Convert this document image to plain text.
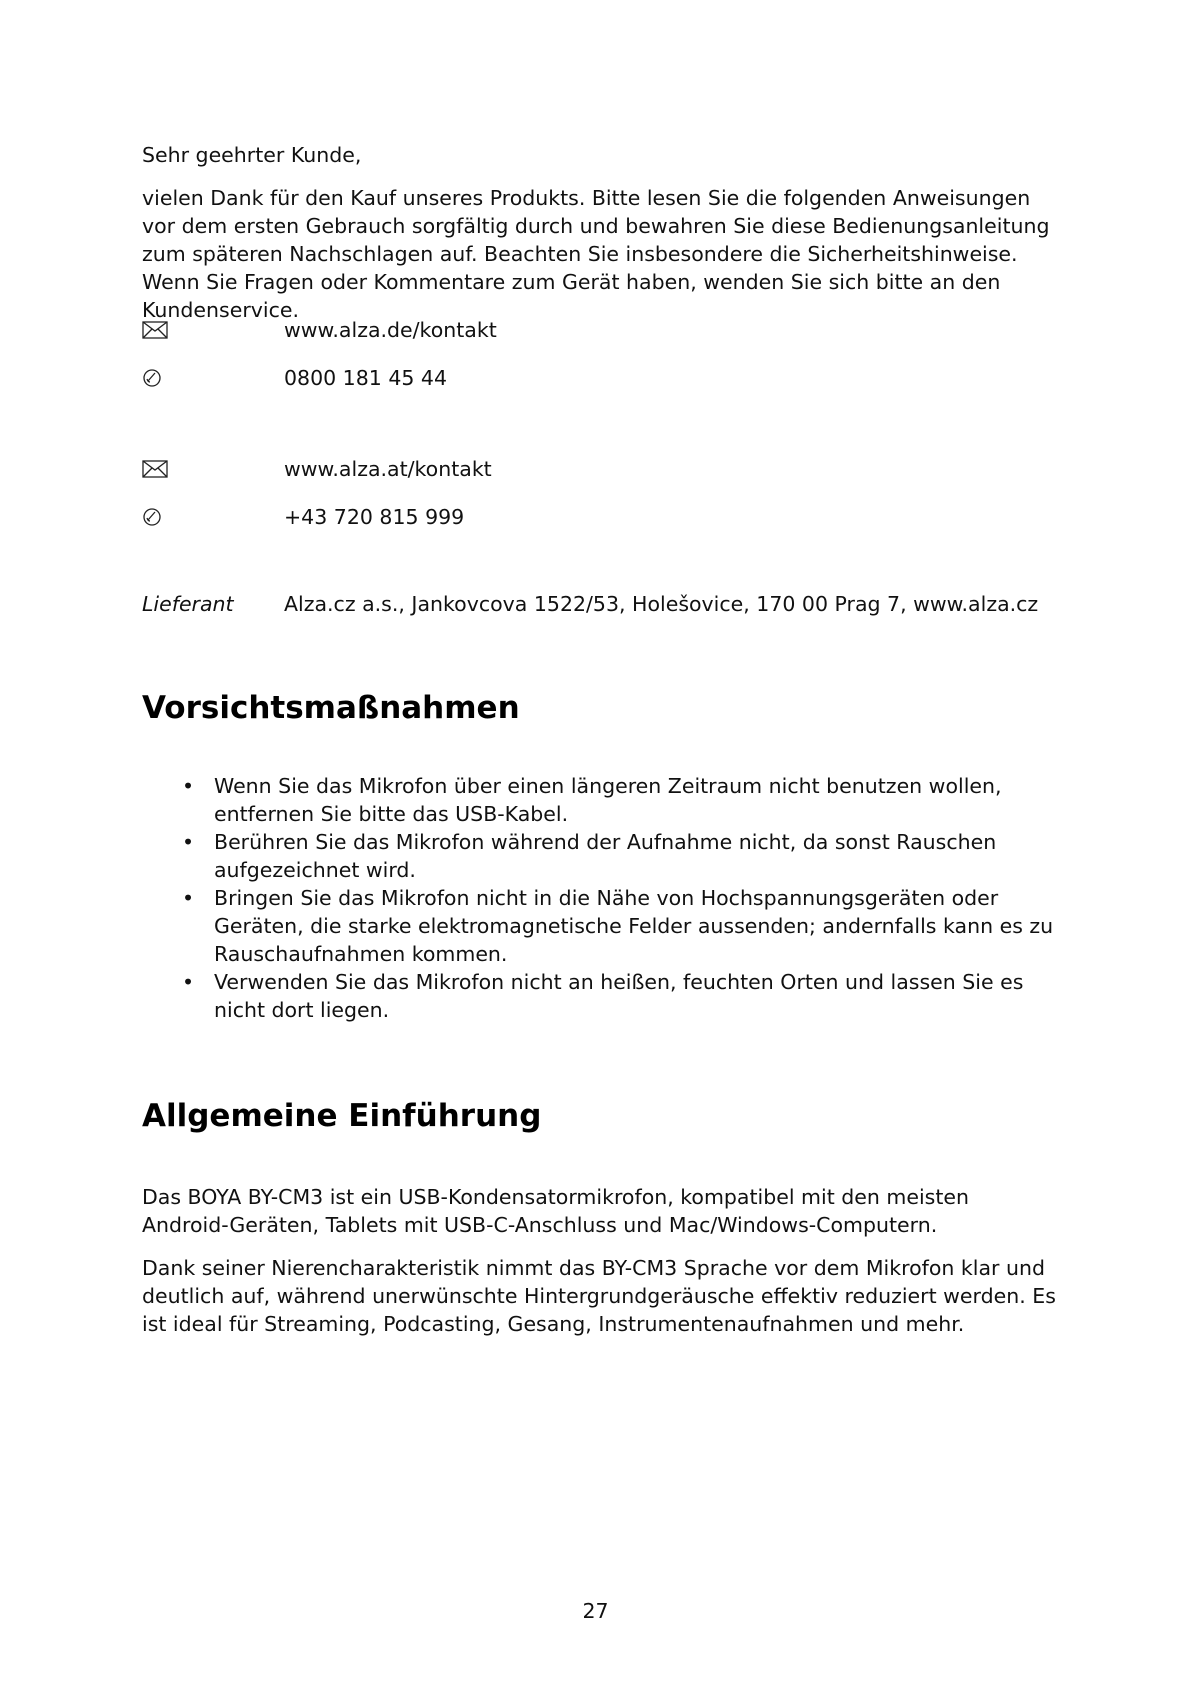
Sehr geehrter Kunde,

vielen Dank für den Kauf unseres Produkts. Bitte lesen Sie die folgenden Anweisungen vor dem ersten Gebrauch sorgfältig durch und bewahren Sie diese Bedienungsanleitung zum späteren Nachschlagen auf. Beachten Sie insbesondere die Sicherheitshinweise. Wenn Sie Fragen oder Kommentare zum Gerät haben, wenden Sie sich bitte an den Kundenservice.

www.alza.de/kontakt
0800 181 45 44
www.alza.at/kontakt
+43 720 815 999
Lieferant Alza.cz a.s., Jankovcova 1522/53, Holešovice, 170 00 Prag 7, www.alza.cz
Vorsichtsmaßnahmen
• Wenn Sie das Mikrofon über einen längeren Zeitraum nicht benutzen wollen, entfernen Sie bitte das USB-Kabel.
• Berühren Sie das Mikrofon während der Aufnahme nicht, da sonst Rauschen aufgezeichnet wird.
• Bringen Sie das Mikrofon nicht in die Nähe von Hochspannungsgeräten oder Geräten, die starke elektromagnetische Felder aussenden; andernfalls kann es zu Rauschaufnahmen kommen.
• Verwenden Sie das Mikrofon nicht an heißen, feuchten Orten und lassen Sie es nicht dort liegen.
Allgemeine Einführung

Das BOYA BY-CM3 ist ein USB-Kondensatormikrofon, kompatibel mit den meisten Android-Geräten, Tablets mit USB-C-Anschluss und Mac/Windows-Computern.

Dank seiner Nierencharakteristik nimmt das BY-CM3 Sprache vor dem Mikrofon klar und deutlich auf, während unerwünschte Hintergrundgeräusche effektiv reduziert werden. Es ist ideal für Streaming, Podcasting, Gesang, Instrumentenaufnahmen und mehr.

27
